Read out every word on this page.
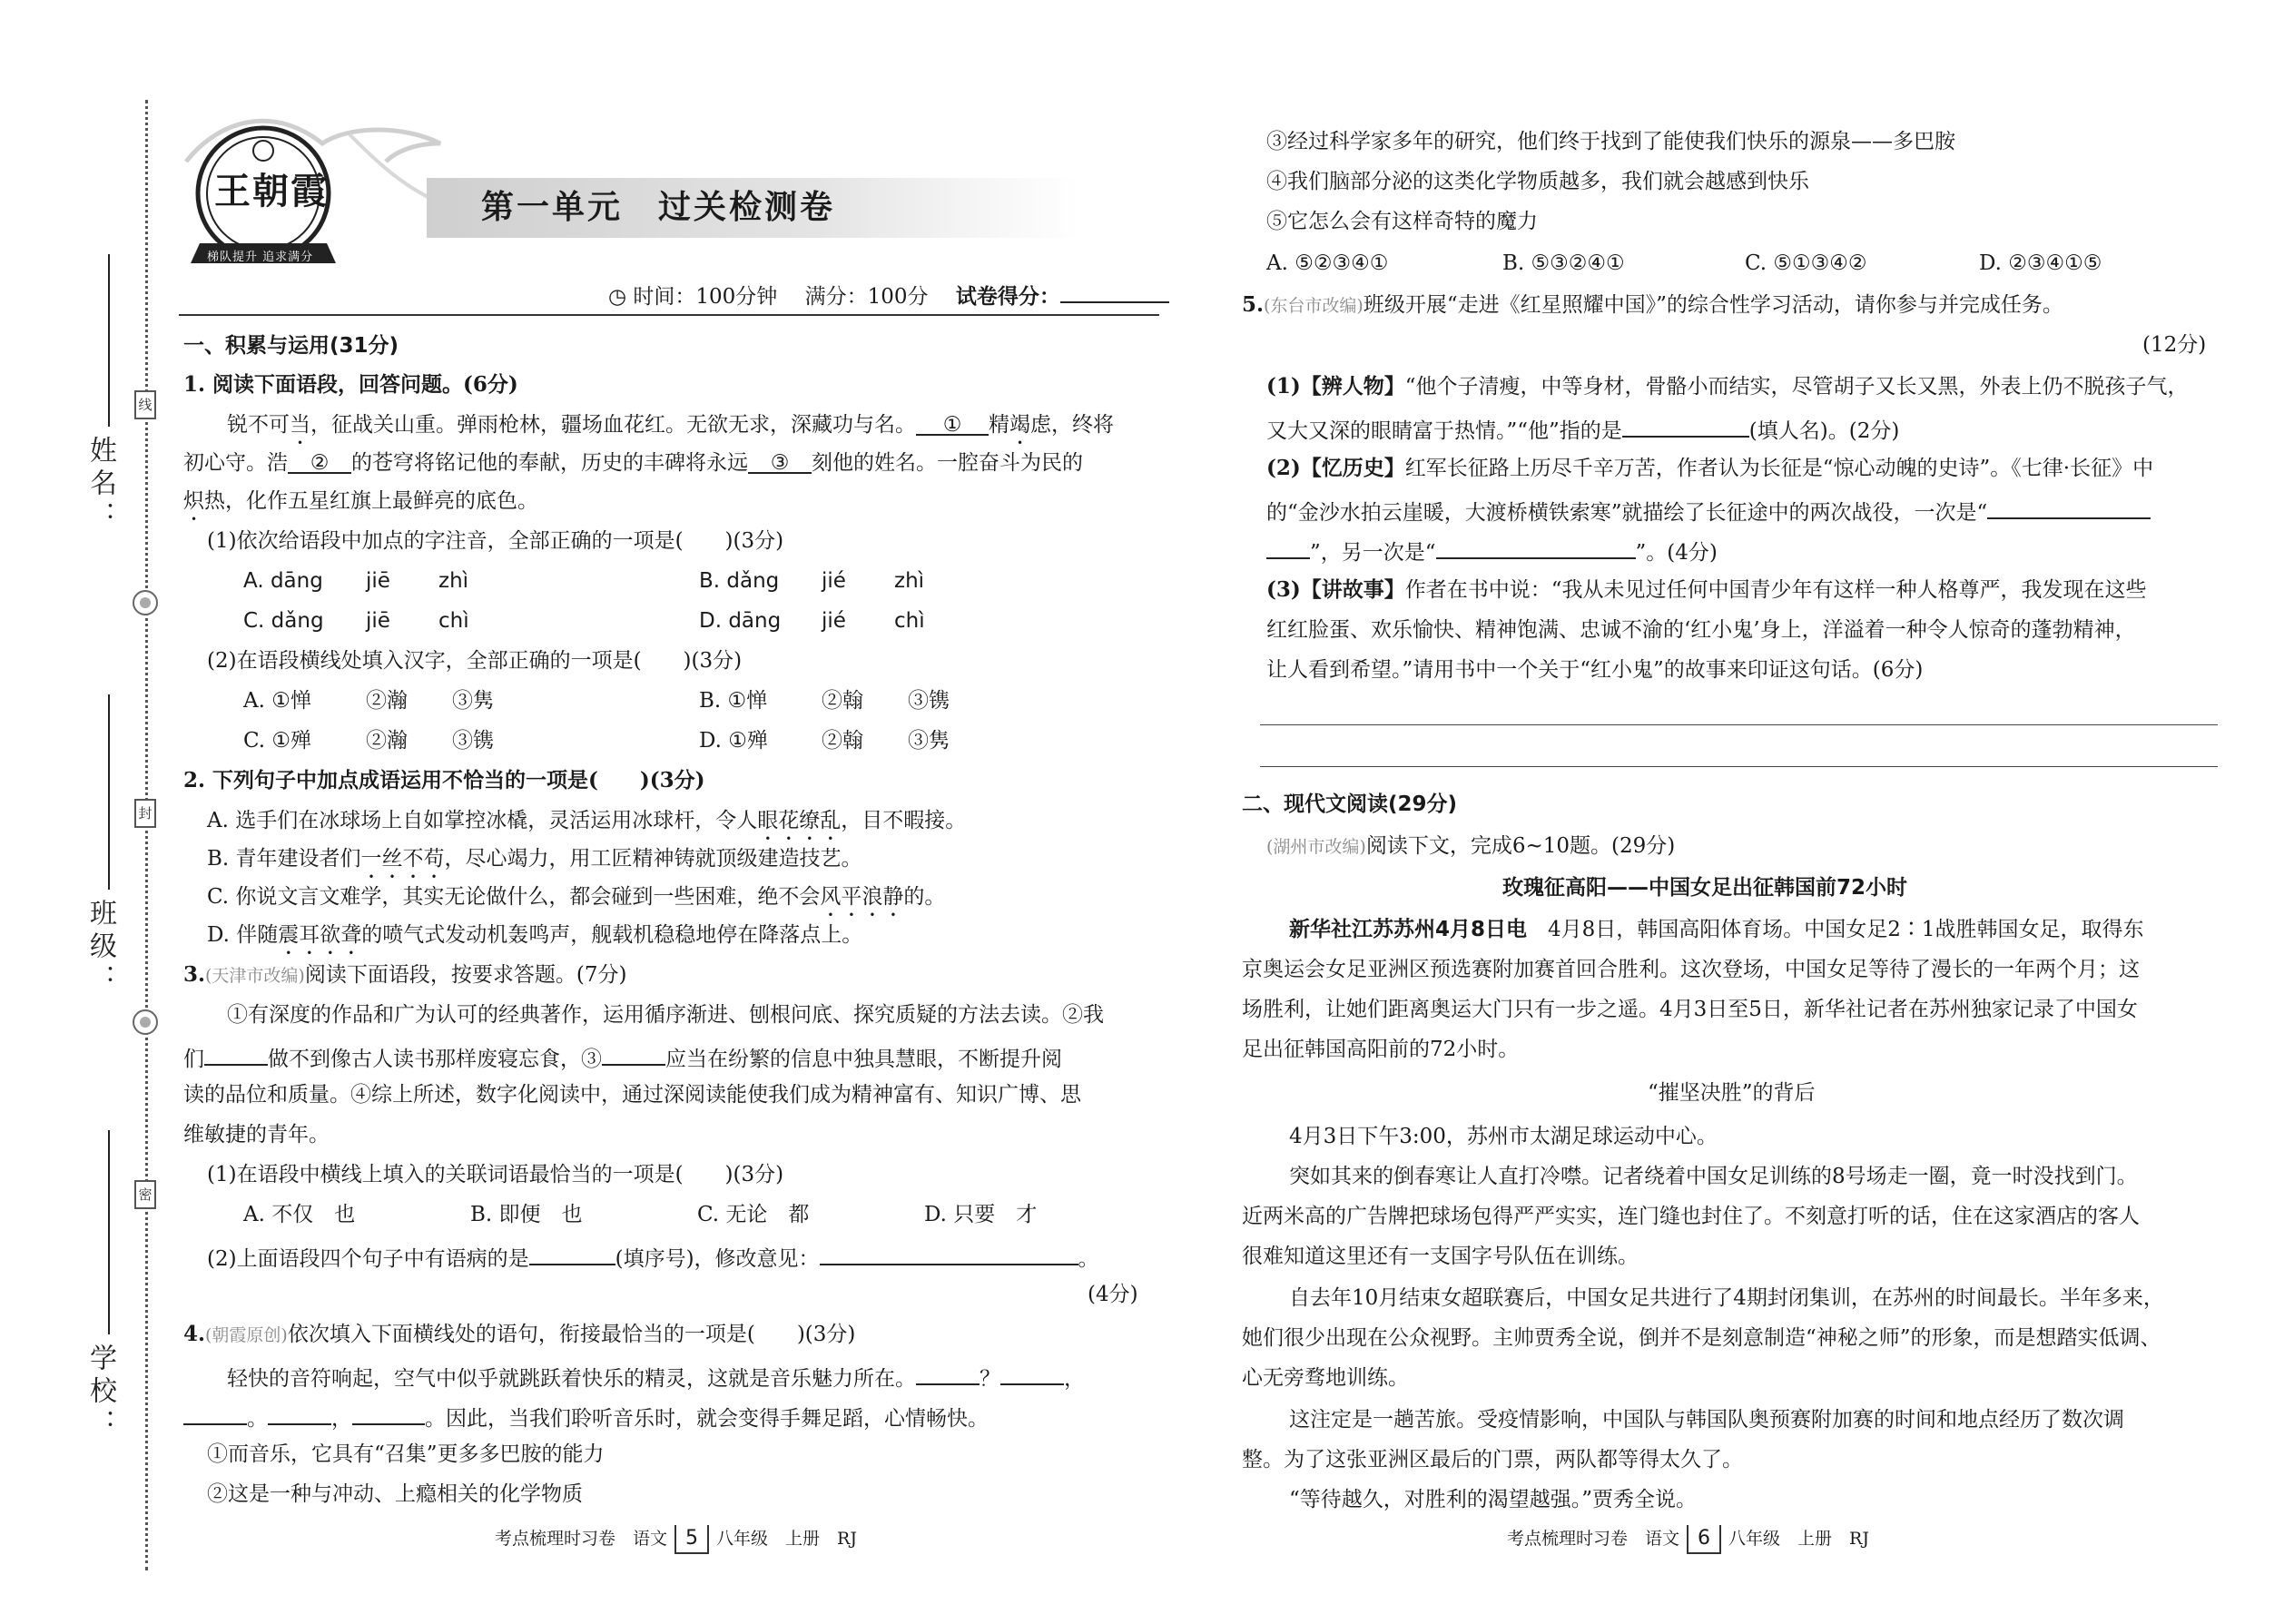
线
封
密
姓名：
班级：
学校：
王朝霞
梯队提升 追求满分
第一单元　过关检测卷
◷ 时间：100分钟　 满分：100分　 试卷得分：
一、积累与运用(31分)
1. 阅读下面语段，回答问题。(6分)
锐不可当，征战关山重。弹雨枪林，疆场血花红。无欲无求，深藏功与名。 ① 精竭虑，终将
初心守。浩 ② 的苍穹将铭记他的奉献，历史的丰碑将永远 ③ 刻他的姓名。一腔奋斗为民的
炽热，化作五星红旗上最鲜亮的底色。
(1)依次给语段中加点的字注音，全部正确的一项是(　　)(3分)
A. dāng jiē zhì	B. dǎng jié zhì
C. dǎng jiē chì	D. dāng jié chì
(2)在语段横线处填入汉字，全部正确的一项是(　　)(3分)
A. ①惮	②瀚 ③隽	B. ①惮	②翰 ③镌
C. ①殚	②瀚 ③镌	D. ①殚	②翰 ③隽
2. 下列句子中加点成语运用不恰当的一项是(　　)(3分)
A. 选手们在冰球场上自如掌控冰橇，灵活运用冰球杆，令人眼花缭乱，目不暇接。
B. 青年建设者们一丝不苟，尽心竭力，用工匠精神铸就顶级建造技艺。
C. 你说文言文难学，其实无论做什么，都会碰到一些困难，绝不会风平浪静的。
D. 伴随震耳欲聋的喷气式发动机轰鸣声，舰载机稳稳地停在降落点上。
3.(天津市改编)阅读下面语段，按要求答题。(7分)
①有深度的作品和广为认可的经典著作，运用循序渐进、刨根问底、探究质疑的方法去读。②我
们	做不到像古人读书那样废寝忘食，③	应当在纷繁的信息中独具慧眼，不断提升阅
读的品位和质量。④综上所述，数字化阅读中，通过深阅读能使我们成为精神富有、知识广博、思
维敏捷的青年。
(1)在语段中横线上填入的关联词语最恰当的一项是(　　)(3分)
A. 不仅　也	B. 即便　也	C. 无论　都	D. 只要　才
(2)上面语段四个句子中有语病的是	(填序号)，修改意见：	。
(4分)
4.(朝霞原创)依次填入下面横线处的语句，衔接最恰当的一项是(　　)(3分)
轻快的音符响起，空气中似乎就跳跃着快乐的精灵，这就是音乐魅力所在。	？	，
。	，	。因此，当我们聆听音乐时，就会变得手舞足蹈，心情畅快。
①而音乐，它具有“召集”更多多巴胺的能力
②这是一种与冲动、上瘾相关的化学物质
考点梳理时习卷　语文 5 八年级　上册　RJ
③经过科学家多年的研究，他们终于找到了能使我们快乐的源泉——多巴胺
④我们脑部分泌的这类化学物质越多，我们就会越感到快乐
⑤它怎么会有这样奇特的魔力
A. ⑤②③④①	B. ⑤③②④①	C. ⑤①③④②	D. ②③④①⑤
5.(东台市改编)班级开展“走进《红星照耀中国》”的综合性学习活动，请你参与并完成任务。
(12分)
(1)【辨人物】“他个子清瘦，中等身材，骨骼小而结实，尽管胡子又长又黑，外表上仍不脱孩子气，
又大又深的眼睛富于热情。”“他”指的是	(填人名)。(2分)
(2)【忆历史】红军长征路上历尽千辛万苦，作者认为长征是“惊心动魄的史诗”。《七律·长征》中
的“金沙水拍云崖暖，大渡桥横铁索寒”就描绘了长征途中的两次战役，一次是“
”，另一次是“	”。(4分)
(3)【讲故事】作者在书中说：“我从未见过任何中国青少年有这样一种人格尊严，我发现在这些
红红脸蛋、欢乐愉快、精神饱满、忠诚不渝的‘红小鬼’身上，洋溢着一种令人惊奇的蓬勃精神，
让人看到希望。”请用书中一个关于“红小鬼”的故事来印证这句话。(6分)
二、现代文阅读(29分)
(湖州市改编)阅读下文，完成6~10题。(29分)
玫瑰征高阳——中国女足出征韩国前72小时
新华社江苏苏州4月8日电　4月8日，韩国高阳体育场。中国女足2∶1战胜韩国女足，取得东
京奥运会女足亚洲区预选赛附加赛首回合胜利。这次登场，中国女足等待了漫长的一年两个月；这
场胜利，让她们距离奥运大门只有一步之遥。4月3日至5日，新华社记者在苏州独家记录了中国女
足出征韩国高阳前的72小时。
“摧坚决胜”的背后
4月3日下午3:00，苏州市太湖足球运动中心。
突如其来的倒春寒让人直打冷噤。记者绕着中国女足训练的8号场走一圈，竟一时没找到门。
近两米高的广告牌把球场包得严严实实，连门缝也封住了。不刻意打听的话，住在这家酒店的客人
很难知道这里还有一支国字号队伍在训练。
自去年10月结束女超联赛后，中国女足共进行了4期封闭集训，在苏州的时间最长。半年多来，
她们很少出现在公众视野。主帅贾秀全说，倒并不是刻意制造“神秘之师”的形象，而是想踏实低调、
心无旁骛地训练。
这注定是一趟苦旅。受疫情影响，中国队与韩国队奥预赛附加赛的时间和地点经历了数次调
整。为了这张亚洲区最后的门票，两队都等得太久了。
“等待越久，对胜利的渴望越强。”贾秀全说。
考点梳理时习卷　语文 6 八年级　上册　RJ
